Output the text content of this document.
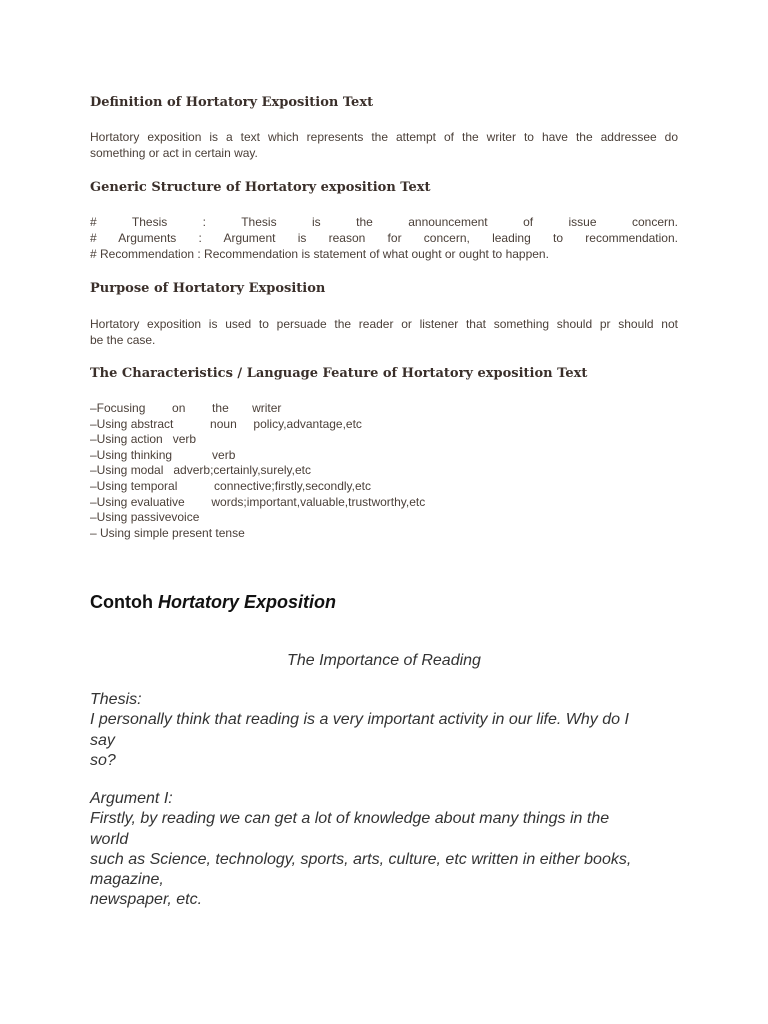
Definition of Hortatory Exposition Text
Hortatory exposition is a text which represents the attempt of the writer to have the addressee do
something or act in certain way.
Generic Structure of Hortatory exposition Text
# Thesis : Thesis is the announcement of issue concern.
# Arguments : Argument is reason for concern, leading to recommendation.
# Recommendation : Recommendation is statement of what ought or ought to happen.
Purpose of Hortatory Exposition
Hortatory exposition is used to persuade the reader or listener that something should pr should not
be the case.
The Characteristics / Language Feature of Hortatory exposition Text
–Focusing        on        the       writer
–Using abstract           noun     policy,advantage,etc
–Using action   verb
–Using thinking            verb
–Using modal   adverb;certainly,surely,etc
–Using temporal           connective;firstly,secondly,etc
–Using evaluative        words;important,valuable,trustworthy,etc
–Using passivevoice
– Using simple present tense
Contoh Hortatory Exposition

The Importance of Reading

Thesis:
I personally think that reading is a very important activity in our life. Why do I
say
so?
Argument I:
Firstly, by reading we can get a lot of knowledge about many things in the
world
such as Science, technology, sports, arts, culture, etc written in either books,
magazine,
newspaper, etc.
